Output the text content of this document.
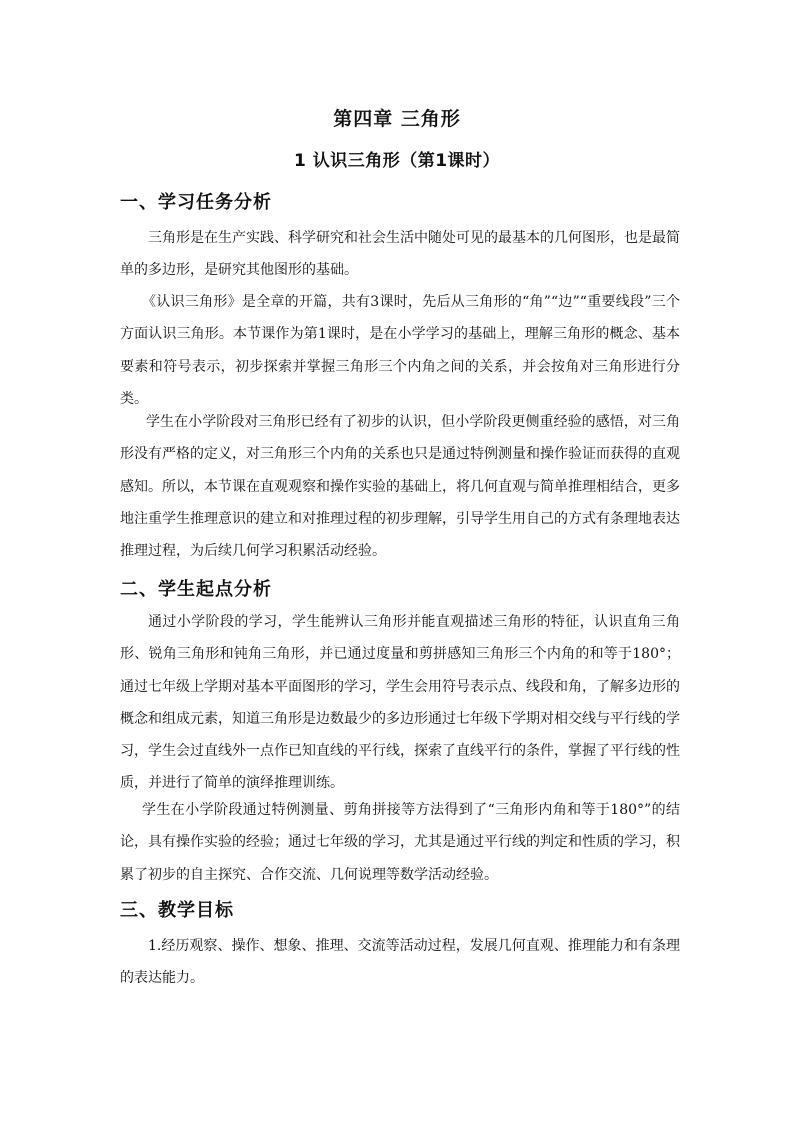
第四章 三角形
1 认识三角形（第1课时）
一、学习任务分析

三角形是在生产实践、科学研究和社会生活中随处可见的最基本的几何图形，也是最简单的多边形，是研究其他图形的基础。

《认识三角形》是全章的开篇，共有3课时，先后从三角形的“角”“边”“重要线段”三个方面认识三角形。本节课作为第1课时，是在小学学习的基础上，理解三角形的概念、基本要素和符号表示，初步探索并掌握三角形三个内角之间的关系，并会按角对三角形进行分类。

学生在小学阶段对三角形已经有了初步的认识，但小学阶段更侧重经验的感悟，对三角形没有严格的定义，对三角形三个内角的关系也只是通过特例测量和操作验证而获得的直观感知。所以，本节课在直观观察和操作实验的基础上，将几何直观与简单推理相结合，更多地注重学生推理意识的建立和对推理过程的初步理解，引导学生用自己的方式有条理地表达推理过程，为后续几何学习积累活动经验。

二、学生起点分析

通过小学阶段的学习，学生能辨认三角形并能直观描述三角形的特征，认识直角三角形、锐角三角形和钝角三角形，并已通过度量和剪拼感知三角形三个内角的和等于180°；通过七年级上学期对基本平面图形的学习，学生会用符号表示点、线段和角，了解多边形的概念和组成元素，知道三角形是边数最少的多边形通过七年级下学期对相交线与平行线的学习，学生会过直线外一点作已知直线的平行线，探索了直线平行的条件，掌握了平行线的性质，并进行了简单的演绎推理训练。

学生在小学阶段通过特例测量、剪角拼接等方法得到了“三角形内角和等于180°”的结论，具有操作实验的经验；通过七年级的学习，尤其是通过平行线的判定和性质的学习，积累了初步的自主探究、合作交流、几何说理等数学活动经验。

三、教学目标

1.经历观察、操作、想象、推理、交流等活动过程，发展几何直观、推理能力和有条理的表达能力。
